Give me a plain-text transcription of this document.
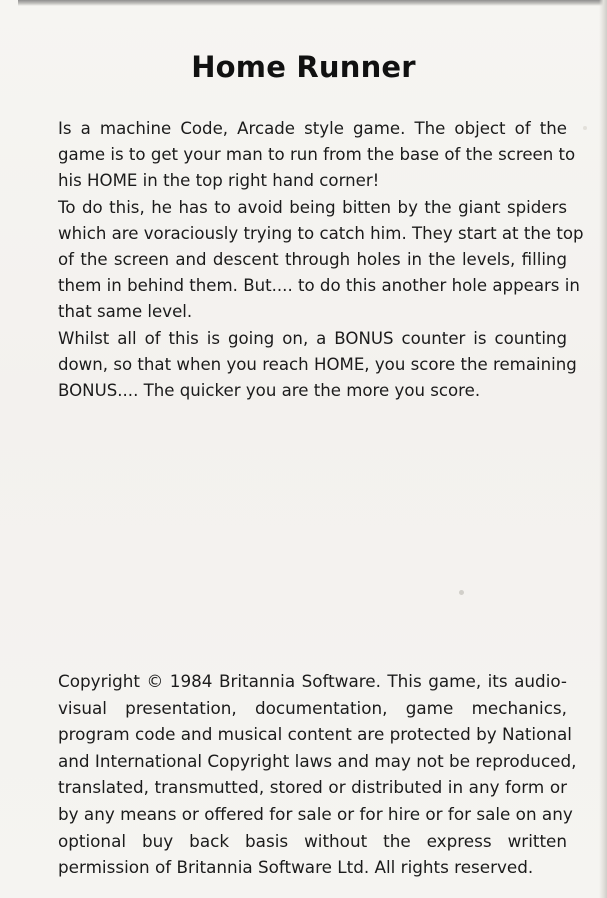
Home Runner
Is a machine Code, Arcade style game. The object of the
game is to get your man to run from the base of the screen to
his HOME in the top right hand corner!
To do this, he has to avoid being bitten by the giant spiders
which are voraciously trying to catch him. They start at the top
of the screen and descent through holes in the levels, filling
them in behind them. But.... to do this another hole appears in
that same level.
Whilst all of this is going on, a BONUS counter is counting
down, so that when you reach HOME, you score the remaining
BONUS.... The quicker you are the more you score.
Copyright © 1984 Britannia Software. This game, its audio-
visual presentation, documentation, game mechanics,
program code and musical content are protected by National
and International Copyright laws and may not be reproduced,
translated, transmutted, stored or distributed in any form or
by any means or offered for sale or for hire or for sale on any
optional buy back basis without the express written
permission of Britannia Software Ltd. All rights reserved.
